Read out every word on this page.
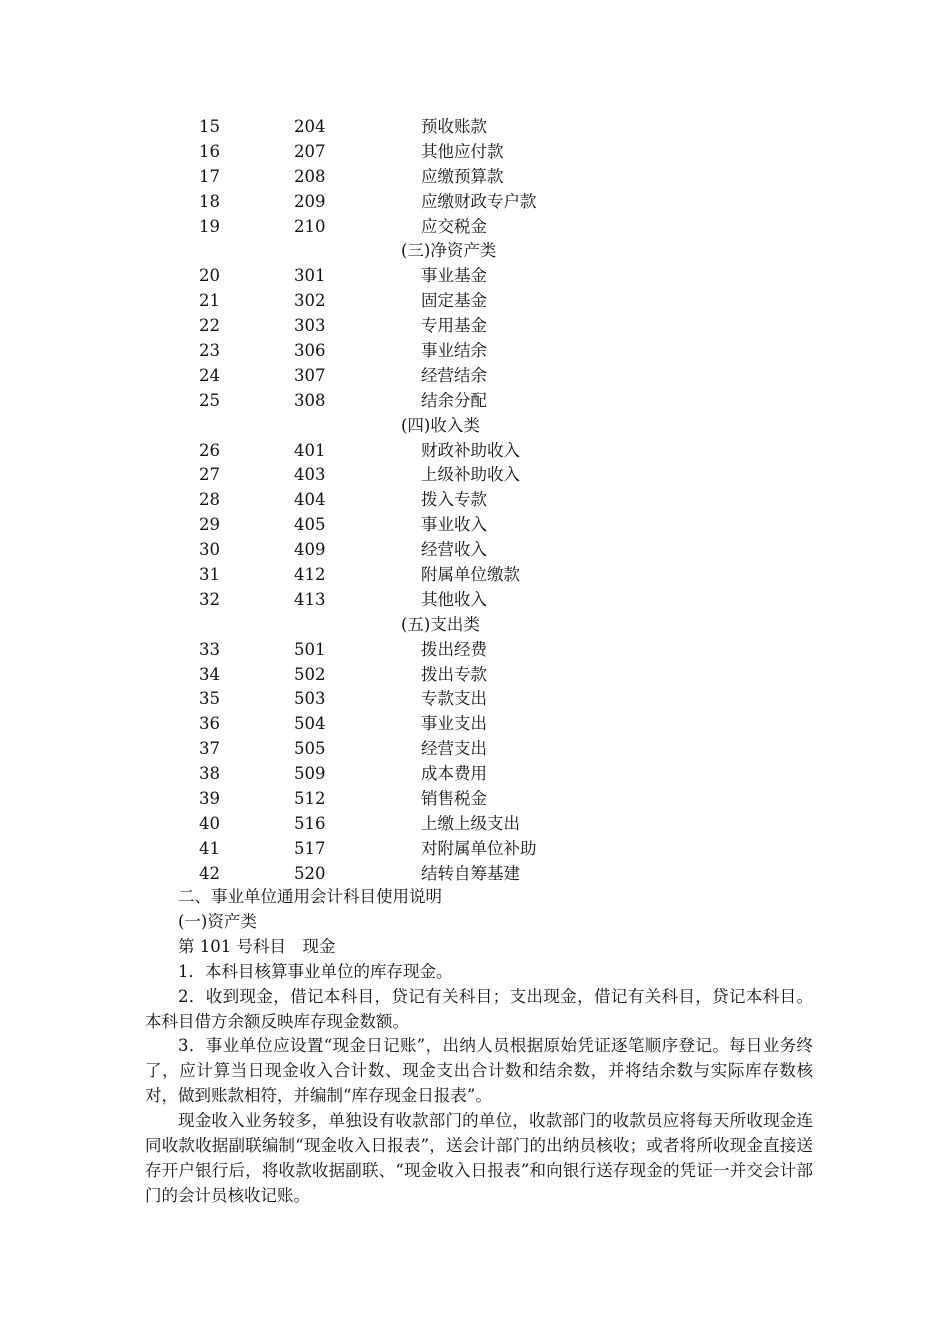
15	204	预收账款
16	207	其他应付款
17	208	应缴预算款
18	209	应缴财政专户款
19	210	应交税金
(三)净资产类
20	301	事业基金
21	302	固定基金
22	303	专用基金
23	306	事业结余
24	307	经营结余
25	308	结余分配
(四)收入类
26	401	财政补助收入
27	403	上级补助收入
28	404	拨入专款
29	405	事业收入
30	409	经营收入
31	412	附属单位缴款
32	413	其他收入
(五)支出类
33	501	拨出经费
34	502	拨出专款
35	503	专款支出
36	504	事业支出
37	505	经营支出
38	509	成本费用
39	512	销售税金
40	516	上缴上级支出
41	517	对附属单位补助
42	520	结转自筹基建

二、事业单位通用会计科目使用说明

(一)资产类

第 101 号科目　现金

1．本科目核算事业单位的库存现金。

2．收到现金，借记本科目，贷记有关科目；支出现金，借记有关科目，贷记本科目。本科目借方余额反映库存现金数额。

3．事业单位应设置“现金日记账”，出纳人员根据原始凭证逐笔顺序登记。每日业务终了，应计算当日现金收入合计数、现金支出合计数和结余数，并将结余数与实际库存数核对，做到账款相符，并编制“库存现金日报表”。

现金收入业务较多，单独设有收款部门的单位，收款部门的收款员应将每天所收现金连同收款收据副联编制“现金收入日报表”，送会计部门的出纳员核收；或者将所收现金直接送存开户银行后，将收款收据副联、“现金收入日报表”和向银行送存现金的凭证一并交会计部门的会计员核收记账。
